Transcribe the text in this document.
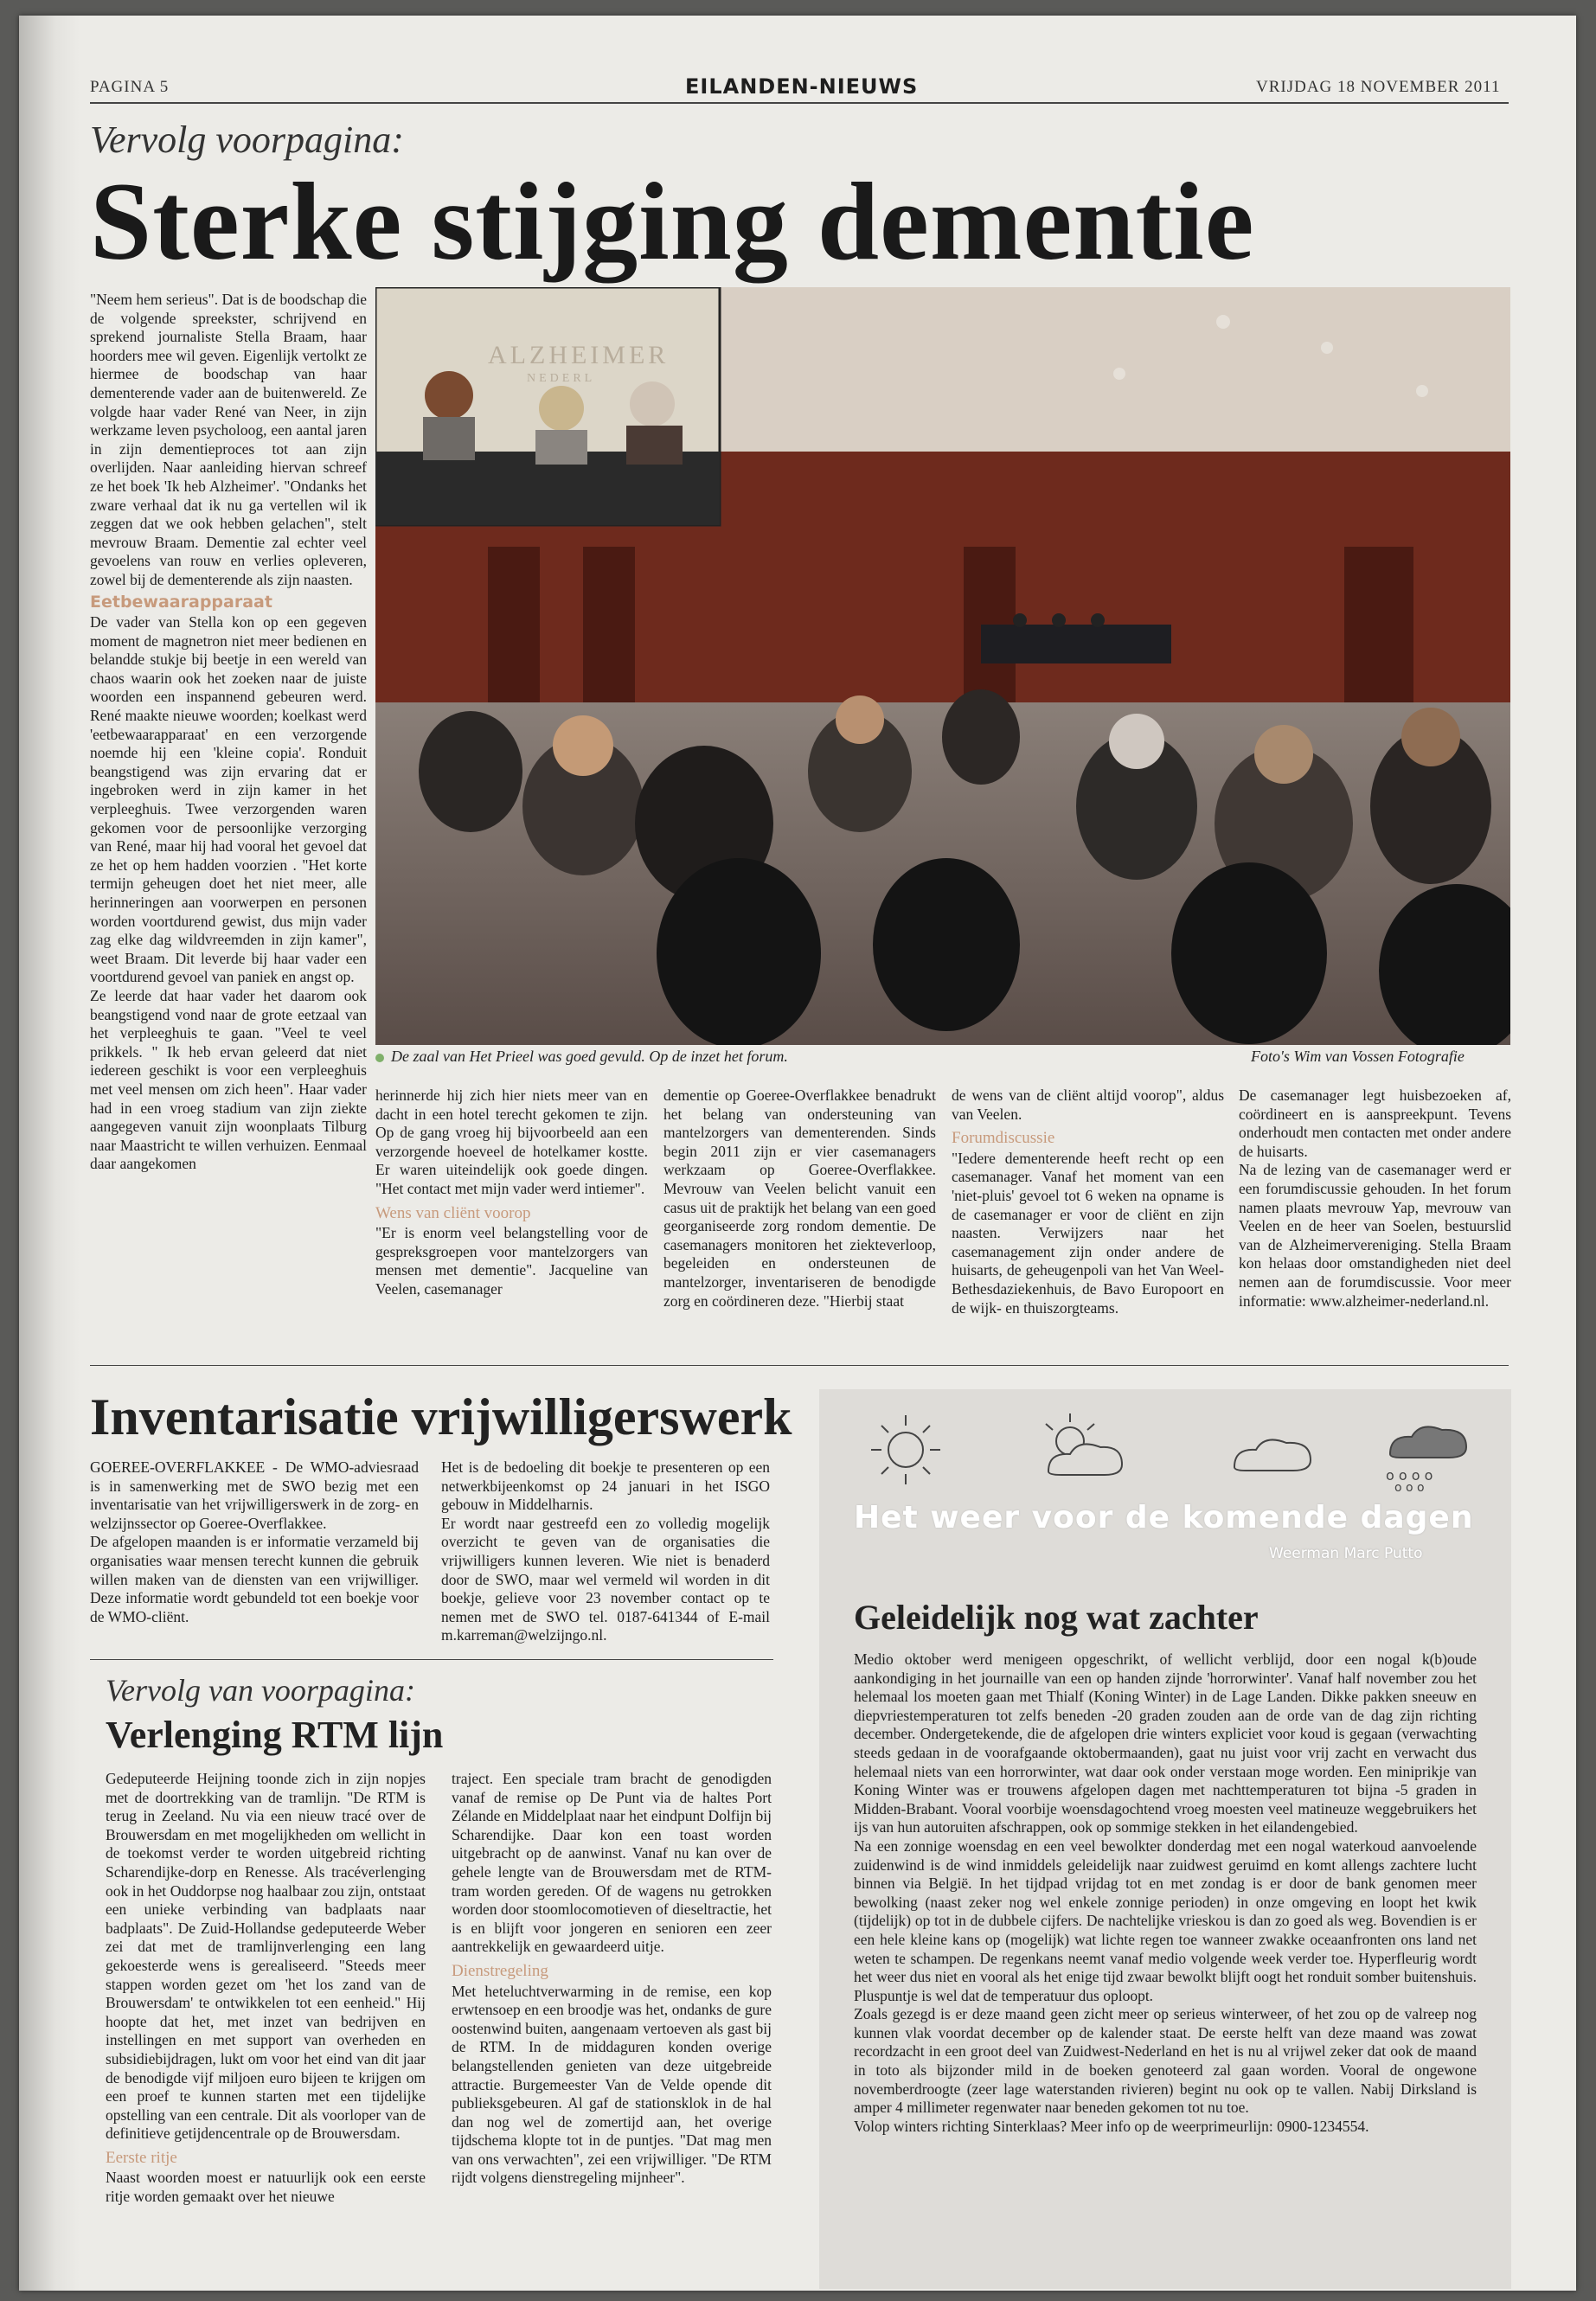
PAGINA 5	EILANDEN-NIEUWS	VRIJDAG 18 NOVEMBER 2011
Vervolg voorpagina:
Sterke stijging dementie

"Neem hem serieus". Dat is de boodschap die de volgende spreekster, schrijvend en sprekend journaliste Stella Braam, haar hoorders mee wil geven. Eigenlijk vertolkt ze hiermee de boodschap van haar dementerende vader aan de buitenwereld. Ze volgde haar vader René van Neer, in zijn werkzame leven psycholoog, een aantal jaren in zijn dementieproces tot aan zijn overlijden. Naar aanleiding hiervan schreef ze het boek 'Ik heb Alzheimer'. "Ondanks het zware verhaal dat ik nu ga vertellen wil ik zeggen dat we ook hebben gelachen", stelt mevrouw Braam. Dementie zal echter veel gevoelens van rouw en verlies opleveren, zowel bij de dementerende als zijn naasten.

Eetbewaarapparaat

De vader van Stella kon op een gegeven moment de magnetron niet meer bedienen en belandde stukje bij beetje in een wereld van chaos waarin ook het zoeken naar de juiste woorden een inspannend gebeuren werd. René maakte nieuwe woorden; koelkast werd 'eetbewaarapparaat' en een verzorgende noemde hij een 'kleine copia'. Ronduit beangstigend was zijn ervaring dat er ingebroken werd in zijn kamer in het verpleeghuis. Twee verzorgenden waren gekomen voor de persoonlijke verzorging van René, maar hij had vooral het gevoel dat ze het op hem hadden voorzien . "Het korte termijn geheugen doet het niet meer, alle herinneringen aan voorwerpen en personen worden voortdurend gewist, dus mijn vader zag elke dag wildvreemden in zijn kamer", weet Braam. Dit leverde bij haar vader een voortdurend gevoel van paniek en angst op.

Ze leerde dat haar vader het daarom ook beangstigend vond naar de grote eetzaal van het verpleeghuis te gaan. "Veel te veel prikkels. " Ik heb ervan geleerd dat niet iedereen geschikt is voor een verpleeghuis met veel mensen om zich heen". Haar vader had in een vroeg stadium van zijn ziekte aangegeven vanuit zijn woonplaats Tilburg naar Maastricht te willen verhuizen. Eenmaal daar aangekomen

ALZHEIMER
NEDERL
De zaal van Het Prieel was goed gevuld. Op de inzet het forum.	Foto's Wim van Vossen Fotografie

herinnerde hij zich hier niets meer van en dacht in een hotel terecht gekomen te zijn. Op de gang vroeg hij bijvoorbeeld aan een verzorgende hoeveel de hotelkamer kostte. Er waren uiteindelijk ook goede dingen. "Het contact met mijn vader werd intiemer".

Wens van cliënt voorop

"Er is enorm veel belangstelling voor de gespreksgroepen voor mantelzorgers van mensen met dementie". Jacqueline van Veelen, casemanager

dementie op Goeree-Overflakkee benadrukt het belang van ondersteuning van mantelzorgers van dementerenden. Sinds begin 2011 zijn er vier casemanagers werkzaam op Goeree-Overflakkee. Mevrouw van Veelen belicht vanuit een casus uit de praktijk het belang van een goed georganiseerde zorg rondom dementie. De casemanagers monitoren het ziekteverloop, begeleiden en ondersteunen de mantelzorger, inventariseren de benodigde zorg en coördineren deze. "Hierbij staat

de wens van de cliënt altijd voorop", aldus van Veelen.

Forumdiscussie

"Iedere dementerende heeft recht op een casemanager. Vanaf het moment van een 'niet-pluis' gevoel tot 6 weken na opname is de casemanager er voor de cliënt en zijn naasten. Verwijzers naar het casemanagement zijn onder andere de huisarts, de geheugenpoli van het Van Weel-Bethesdaziekenhuis, de Bavo Europoort en de wijk- en thuiszorgteams.

De casemanager legt huisbezoeken af, coördineert en is aanspreekpunt. Tevens onderhoudt men contacten met onder andere de huisarts.

Na de lezing van de casemanager werd er een forumdiscussie gehouden. In het forum namen plaats mevrouw Yap, mevrouw van Veelen en de heer van Soelen, bestuurslid van de Alzheimervereniging. Stella Braam kon helaas door omstandigheden niet deel nemen aan de forumdiscussie. Voor meer informatie: www.alzheimer-nederland.nl.

Inventarisatie vrijwilligerswerk

GOEREE-OVERFLAKKEE - De WMO-adviesraad is in samenwerking met de SWO bezig met een inventarisatie van het vrijwilligerswerk in de zorg- en welzijnssector op Goeree-Overflakkee.

De afgelopen maanden is er informatie verzameld bij organisaties waar mensen terecht kunnen die gebruik willen maken van de diensten van een vrijwilliger. Deze informatie wordt gebundeld tot een boekje voor de WMO-cliënt.

Het is de bedoeling dit boekje te presenteren op een netwerkbijeenkomst op 24 januari in het ISGO gebouw in Middelharnis.

Er wordt naar gestreefd een zo volledig mogelijk overzicht te geven van de organisaties die vrijwilligers kunnen leveren. Wie niet is benaderd door de SWO, maar wel vermeld wil worden in dit boekje, gelieve voor 23 november contact op te nemen met de SWO tel. 0187-641344 of E-mail m.karreman@welzijngo.nl.

o o o o
o o o
Het weer voor de komende dagen
Weerman Marc Putto
Geleidelijk nog wat zachter

Medio oktober werd menigeen opgeschrikt, of wellicht verblijd, door een nogal k(b)oude aankondiging in het journaille van een op handen zijnde 'horrorwinter'. Vanaf half november zou het helemaal los moeten gaan met Thialf (Koning Winter) in de Lage Landen. Dikke pakken sneeuw en diepvriestemperaturen tot zelfs beneden -20 graden zouden aan de orde van de dag zijn richting december. Ondergetekende, die de afgelopen drie winters expliciet voor koud is gegaan (verwachting steeds gedaan in de voorafgaande oktobermaanden), gaat nu juist voor vrij zacht en verwacht dus helemaal niets van een horrorwinter, wat daar ook onder verstaan moge worden. Een miniprikje van Koning Winter was er trouwens afgelopen dagen met nachttemperaturen tot bijna -5 graden in Midden-Brabant. Vooral voorbije woensdagochtend vroeg moesten veel matineuze weggebruikers het ijs van hun autoruiten afschrappen, ook op sommige stekken in het eilandengebied.

Na een zonnige woensdag en een veel bewolkter donderdag met een nogal waterkoud aanvoelende zuidenwind is de wind inmiddels geleidelijk naar zuidwest geruimd en komt allengs zachtere lucht binnen via België. In het tijdpad vrijdag tot en met zondag is er door de bank genomen meer bewolking (naast zeker nog wel enkele zonnige perioden) in onze omgeving en loopt het kwik (tijdelijk) op tot in de dubbele cijfers. De nachtelijke vrieskou is dan zo goed als weg. Bovendien is er een hele kleine kans op (mogelijk) wat lichte regen toe wanneer zwakke oceaanfronten ons land net weten te schampen. De regenkans neemt vanaf medio volgende week verder toe. Hyperfleurig wordt het weer dus niet en vooral als het enige tijd zwaar bewolkt blijft oogt het ronduit somber buitenshuis. Pluspuntje is wel dat de temperatuur dus oploopt.

Zoals gezegd is er deze maand geen zicht meer op serieus winterweer, of het zou op de valreep nog kunnen vlak voordat december op de kalender staat. De eerste helft van deze maand was zowat recordzacht in een groot deel van Zuidwest-Nederland en het is nu al vrijwel zeker dat ook de maand in toto als bijzonder mild in de boeken genoteerd zal gaan worden. Vooral de ongewone novemberdroogte (zeer lage waterstanden rivieren) begint nu ook op te vallen. Nabij Dirksland is amper 4 millimeter regenwater naar beneden gekomen tot nu toe.

Volop winters richting Sinterklaas? Meer info op de weerprimeurlijn: 0900-1234554.

Vervolg van voorpagina:
Verlenging RTM lijn

Gedeputeerde Heijning toonde zich in zijn nopjes met de doortrekking van de tramlijn. "De RTM is terug in Zeeland. Nu via een nieuw tracé over de Brouwersdam en met mogelijkheden om wellicht in de toekomst verder te worden uitgebreid richting Scharendijke-dorp en Renesse. Als tracéverlenging ook in het Ouddorpse nog haalbaar zou zijn, ontstaat een unieke verbinding van badplaats naar badplaats". De Zuid-Hollandse gedeputeerde Weber zei dat met de tramlijnverlenging een lang gekoesterde wens is gerealiseerd. "Steeds meer stappen worden gezet om 'het los zand van de Brouwersdam' te ontwikkelen tot een eenheid." Hij hoopte dat het, met inzet van bedrijven en instellingen en met support van overheden en subsidiebijdragen, lukt om voor het eind van dit jaar de benodigde vijf miljoen euro bijeen te krijgen om een proef te kunnen starten met een tijdelijke opstelling van een centrale. Dit als voorloper van de definitieve getijdencentrale op de Brouwersdam.

Eerste ritje

Naast woorden moest er natuurlijk ook een eerste ritje worden gemaakt over het nieuwe

traject. Een speciale tram bracht de genodigden vanaf de remise op De Punt via de haltes Port Zélande en Middelplaat naar het eindpunt Dolfijn bij Scharendijke. Daar kon een toast worden uitgebracht op de aanwinst. Vanaf nu kan over de gehele lengte van de Brouwersdam met de RTM-tram worden gereden. Of de wagens nu getrokken worden door stoomlocomotieven of dieseltractie, het is en blijft voor jongeren en senioren een zeer aantrekkelijk en gewaardeerd uitje.

Dienstregeling

Met heteluchtverwarming in de remise, een kop erwtensoep en een broodje was het, ondanks de gure oostenwind buiten, aangenaam vertoeven als gast bij de RTM. In de middaguren konden overige belangstellenden genieten van deze uitgebreide attractie. Burgemeester Van de Velde opende dit publieksgebeuren. Al gaf de stationsklok in de hal dan nog wel de zomertijd aan, het overige tijdschema klopte tot in de puntjes. "Dat mag men van ons verwachten", zei een vrijwilliger. "De RTM rijdt volgens dienstregeling mijnheer".
